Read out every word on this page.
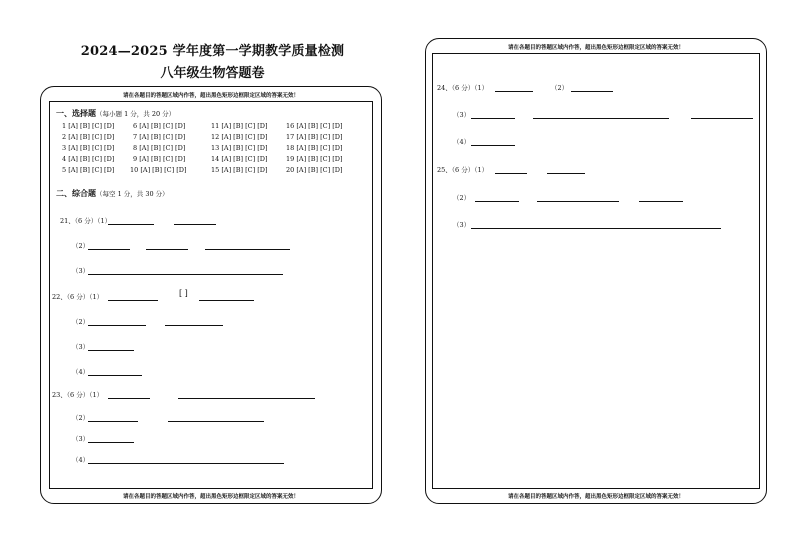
2024—2025 学年度第一学期教学质量检测
八年级生物答题卷
请在各题目的答题区域内作答，超出黑色矩形边框限定区域的答案无效！
请在各题目的答题区域内作答，超出黑色矩形边框限定区域的答案无效！
一、选择题（每小题 1 分，共 20 分）
1 [A] [B] [C] [D]
2 [A] [B] [C] [D]
3 [A] [B] [C] [D]
4 [A] [B] [C] [D]
5 [A] [B] [C] [D]
6 [A] [B] [C] [D]
7 [A] [B] [C] [D]
8 [A] [B] [C] [D]
9 [A] [B] [C] [D]
10 [A] [B] [C] [D]
11 [A] [B] [C] [D]
12 [A] [B] [C] [D]
13 [A] [B] [C] [D]
14 [A] [B] [C] [D]
15 [A] [B] [C] [D]
16 [A] [B] [C] [D]
17 [A] [B] [C] [D]
18 [A] [B] [C] [D]
19 [A] [B] [C] [D]
20 [A] [B] [C] [D]
二、综合题（每空 1 分，共 30 分）
21、（6 分）（1）
（2）
（3）
22、（6 分）（1）	[ ]
（2）
（3）
（4）
23、（6 分）（1）
（2）
（3）
（4）
请在各题目的答题区域内作答，超出黑色矩形边框限定区域的答案无效！
请在各题目的答题区域内作答，超出黑色矩形边框限定区域的答案无效！
24、（6 分）（1）	（2）
（3）
（4）
25、（6 分）（1）
（2）
（3）
